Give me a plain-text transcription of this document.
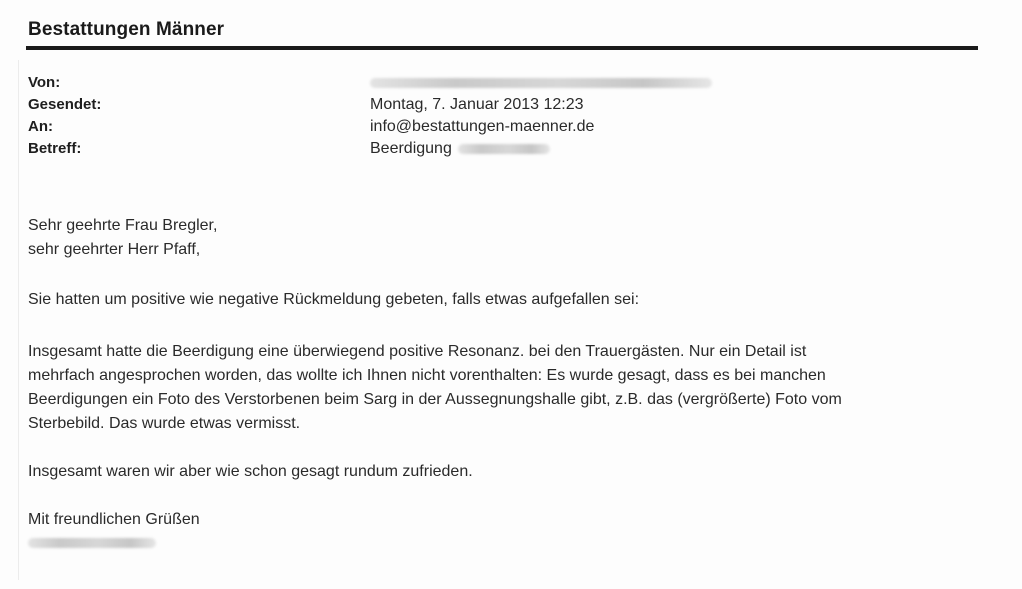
Bestattungen Männer
Von:
Gesendet:	Montag, 7. Januar 2013 12:23
An:	info@bestattungen-maenner.de
Betreff:	Beerdigung
Sehr geehrte Frau Bregler,
sehr geehrter Herr Pfaff,
Sie hatten um positive wie negative Rückmeldung gebeten, falls etwas aufgefallen sei:
Insgesamt hatte die Beerdigung eine überwiegend positive Resonanz. bei den Trauergästen. Nur ein Detail ist
mehrfach angesprochen worden, das wollte ich Ihnen nicht vorenthalten: Es wurde gesagt, dass es bei manchen
Beerdigungen ein Foto des Verstorbenen beim Sarg in der Aussegnungshalle gibt, z.B. das (vergrößerte) Foto vom
Sterbebild. Das wurde etwas vermisst.
Insgesamt waren wir aber wie schon gesagt rundum zufrieden.
Mit freundlichen Grüßen
